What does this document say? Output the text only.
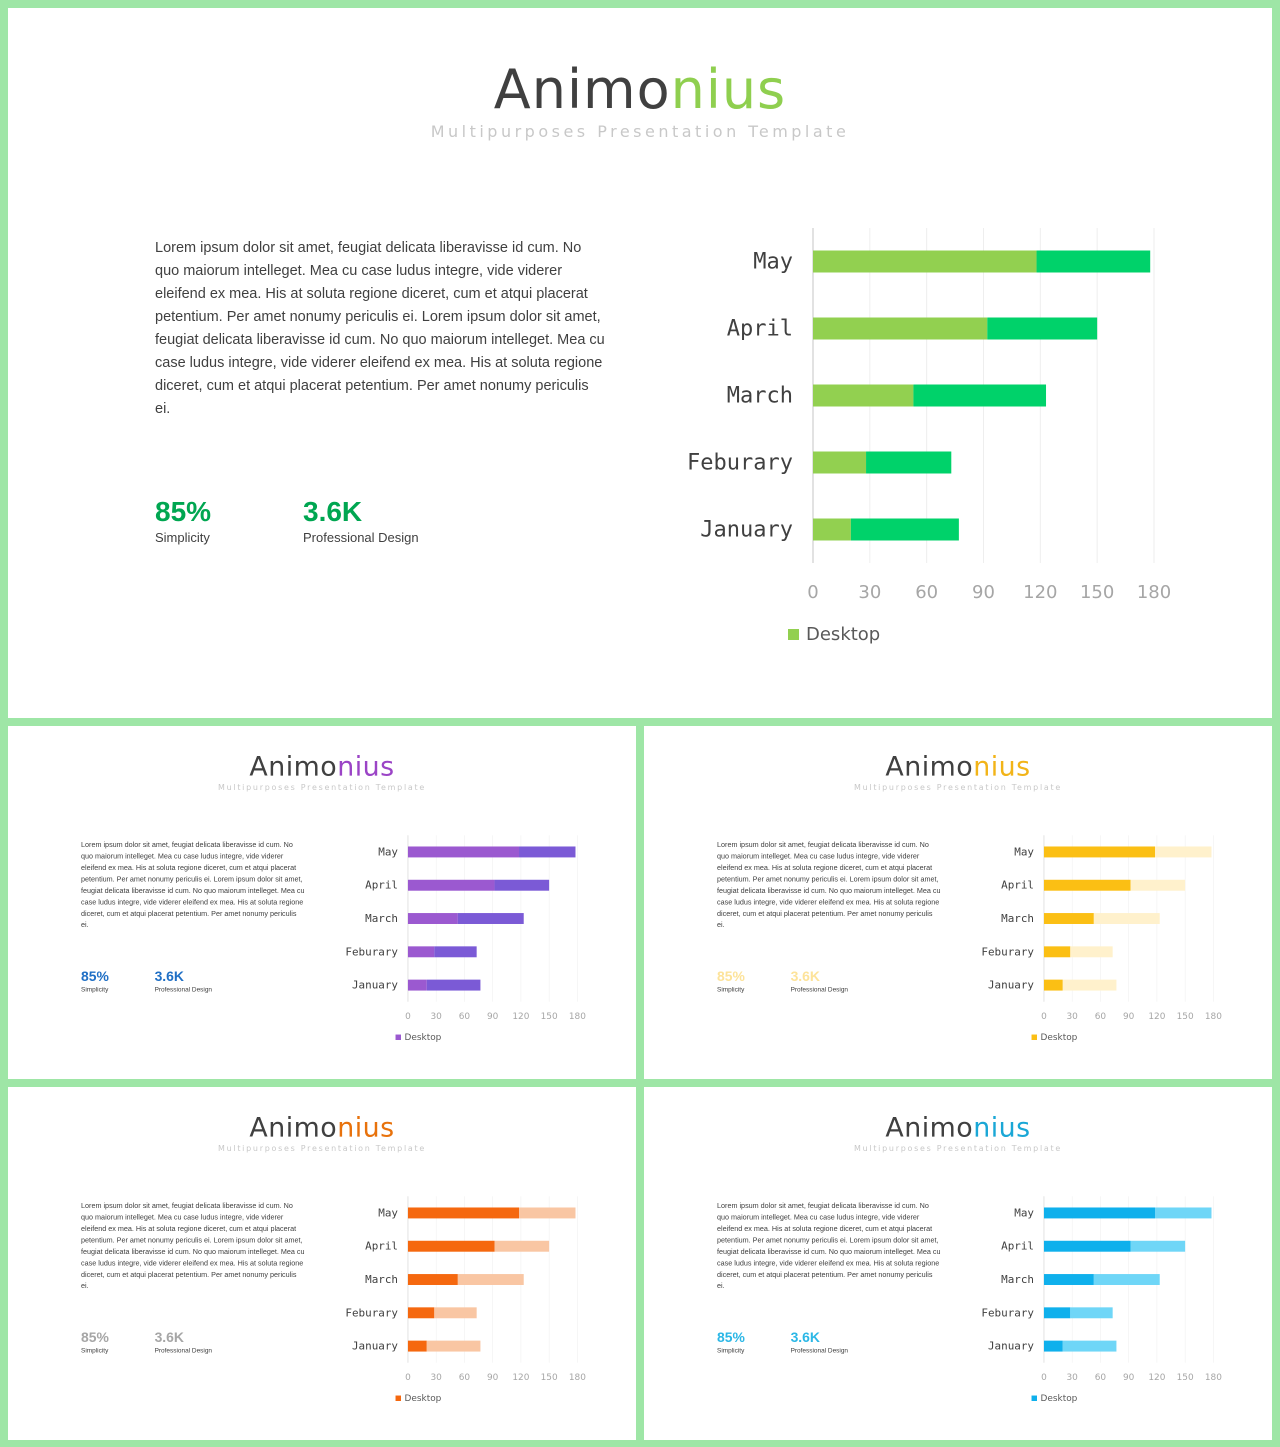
Animonius
Multipurposes Presentation Template
Lorem ipsum dolor sit amet, feugiat delicata liberavisse id cum. No quo maiorum intelleget. Mea cu case ludus integre, vide viderer eleifend ex mea. His at soluta regione diceret, cum et atqui placerat petentium. Per amet nonumy periculis ei. Lorem ipsum dolor sit amet, feugiat delicata liberavisse id cum. No quo maiorum intelleget. Mea cu case ludus integre, vide viderer eleifend ex mea. His at soluta regione diceret, cum et atqui placerat petentium. Per amet nonumy periculis ei.
85%
Simplicity
3.6K
Professional Design	January
Feburary
March
April
May
0 30 60 90 120 150 180
Desktop
Animonius
Multipurposes Presentation Template
Lorem ipsum dolor sit amet, feugiat delicata liberavisse id cum. No quo maiorum intelleget. Mea cu case ludus integre, vide viderer eleifend ex mea. His at soluta regione diceret, cum et atqui placerat petentium. Per amet nonumy periculis ei. Lorem ipsum dolor sit amet, feugiat delicata liberavisse id cum. No quo maiorum intelleget. Mea cu case ludus integre, vide viderer eleifend ex mea. His at soluta regione diceret, cum et atqui placerat petentium. Per amet nonumy periculis ei.
85%
Simplicity
3.6K
Professional Design	January
Feburary
March
April
May
0 30 60 90 120 150 180
Desktop
Animonius
Multipurposes Presentation Template
Lorem ipsum dolor sit amet, feugiat delicata liberavisse id cum. No quo maiorum intelleget. Mea cu case ludus integre, vide viderer eleifend ex mea. His at soluta regione diceret, cum et atqui placerat petentium. Per amet nonumy periculis ei. Lorem ipsum dolor sit amet, feugiat delicata liberavisse id cum. No quo maiorum intelleget. Mea cu case ludus integre, vide viderer eleifend ex mea. His at soluta regione diceret, cum et atqui placerat petentium. Per amet nonumy periculis ei.
85%
Simplicity
3.6K
Professional Design	January
Feburary
March
April
May
0 30 60 90 120 150 180
Desktop
Animonius
Multipurposes Presentation Template
Lorem ipsum dolor sit amet, feugiat delicata liberavisse id cum. No quo maiorum intelleget. Mea cu case ludus integre, vide viderer eleifend ex mea. His at soluta regione diceret, cum et atqui placerat petentium. Per amet nonumy periculis ei. Lorem ipsum dolor sit amet, feugiat delicata liberavisse id cum. No quo maiorum intelleget. Mea cu case ludus integre, vide viderer eleifend ex mea. His at soluta regione diceret, cum et atqui placerat petentium. Per amet nonumy periculis ei.
85%
Simplicity
3.6K
Professional Design	January
Feburary
March
April
May
0 30 60 90 120 150 180
Desktop
Animonius
Multipurposes Presentation Template
Lorem ipsum dolor sit amet, feugiat delicata liberavisse id cum. No quo maiorum intelleget. Mea cu case ludus integre, vide viderer eleifend ex mea. His at soluta regione diceret, cum et atqui placerat petentium. Per amet nonumy periculis ei. Lorem ipsum dolor sit amet, feugiat delicata liberavisse id cum. No quo maiorum intelleget. Mea cu case ludus integre, vide viderer eleifend ex mea. His at soluta regione diceret, cum et atqui placerat petentium. Per amet nonumy periculis ei.
85%
Simplicity
3.6K
Professional Design	January
Feburary
March
April
May
0 30 60 90 120 150 180
Desktop
